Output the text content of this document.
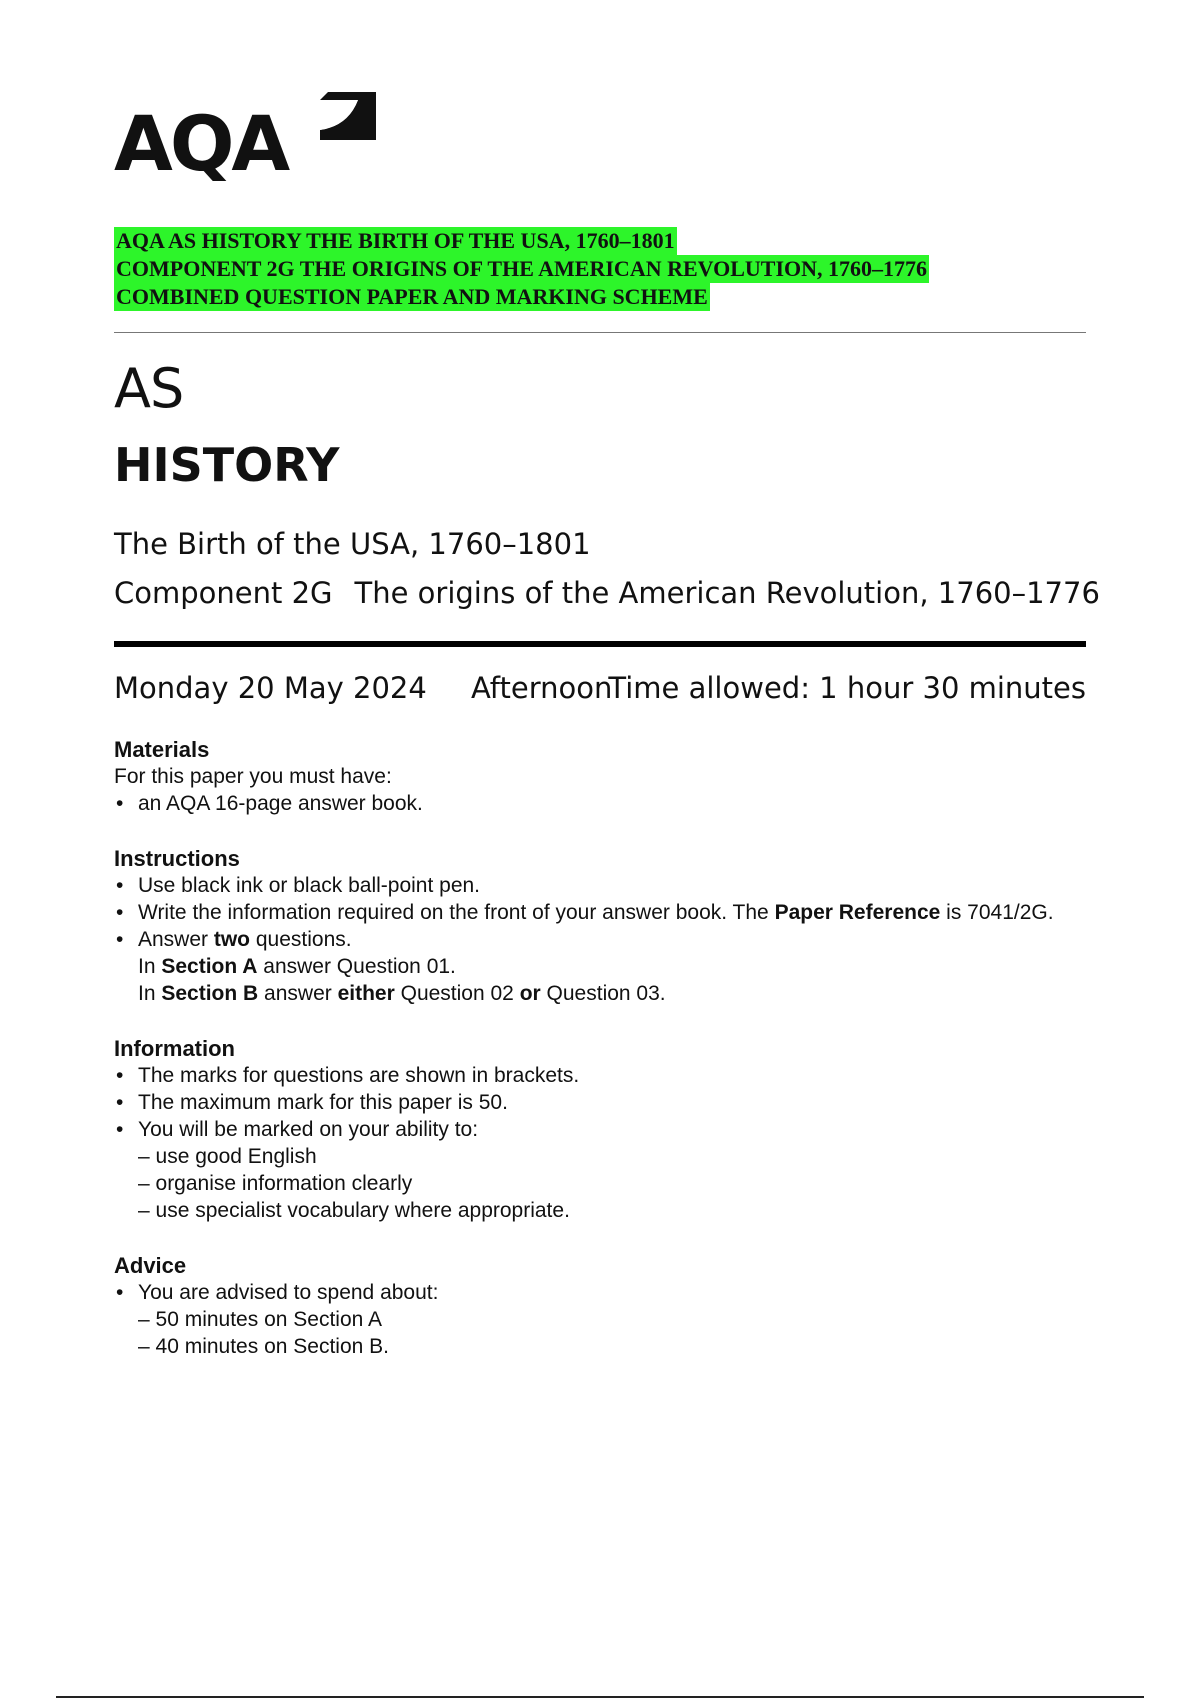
AQA
AQA AS HISTORY THE BIRTH OF THE USA, 1760–1801
COMPONENT 2G THE ORIGINS OF THE AMERICAN REVOLUTION, 1760–1776
COMBINED QUESTION PAPER AND MARKING SCHEME
AS
HISTORY
The Birth of the USA, 1760–1801
Component 2G The origins of the American Revolution, 1760–1776
Monday 20 May 2024 Afternoon
Time allowed: 1 hour 30 minutes
Materials
For this paper you must have:
• an AQA 16-page answer book.
Instructions
• Use black ink or black ball-point pen.
• Write the information required on the front of your answer book. The Paper Reference is 7041/2G.
• Answer two questions.
In Section A answer Question 01.
In Section B answer either Question 02 or Question 03.
Information
• The marks for questions are shown in brackets.
• The maximum mark for this paper is 50.
• You will be marked on your ability to:
– use good English
– organise information clearly
– use specialist vocabulary where appropriate.
Advice
• You are advised to spend about:
– 50 minutes on Section A
– 40 minutes on Section B.
